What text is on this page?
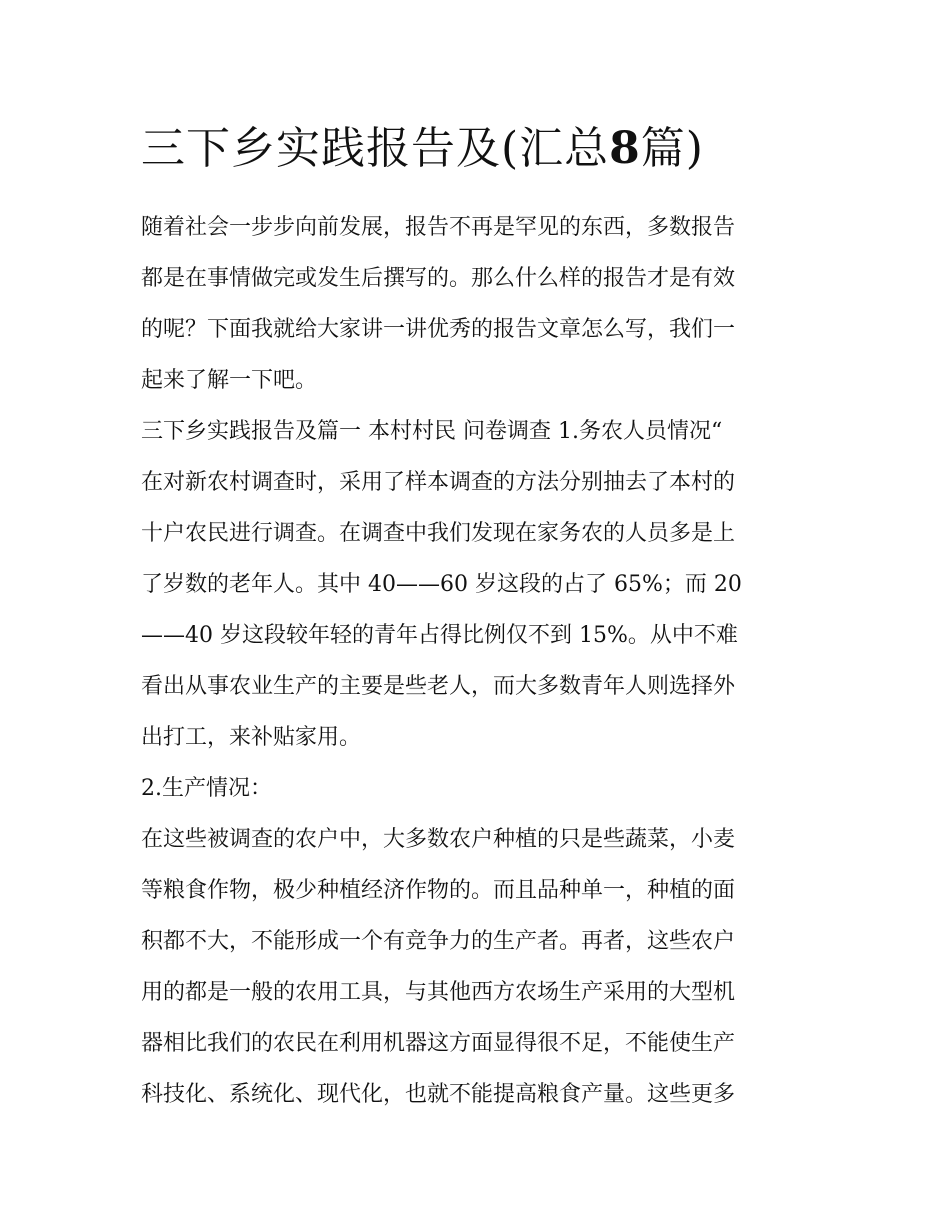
三下乡实践报告及(汇总8篇)
随着社会一步步向前发展，报告不再是罕见的东西，多数报告
都是在事情做完或发生后撰写的。那么什么样的报告才是有效
的呢？下面我就给大家讲一讲优秀的报告文章怎么写，我们一
起来了解一下吧。
三下乡实践报告及篇一 本村村民 问卷调查 1.务农人员情况“
在对新农村调查时，采用了样本调查的方法分别抽去了本村的
十户农民进行调查。在调查中我们发现在家务农的人员多是上
了岁数的老年人。其中 40——60 岁这段的占了 65%；而 20
——40 岁这段较年轻的青年占得比例仅不到 15%。从中不难
看出从事农业生产的主要是些老人，而大多数青年人则选择外
出打工，来补贴家用。
2.生产情况：
在这些被调查的农户中，大多数农户种植的只是些蔬菜，小麦
等粮食作物，极少种植经济作物的。而且品种单一，种植的面
积都不大，不能形成一个有竞争力的生产者。再者，这些农户
用的都是一般的农用工具，与其他西方农场生产采用的大型机
器相比我们的农民在利用机器这方面显得很不足，不能使生产
科技化、系统化、现代化，也就不能提高粮食产量。这些更多
